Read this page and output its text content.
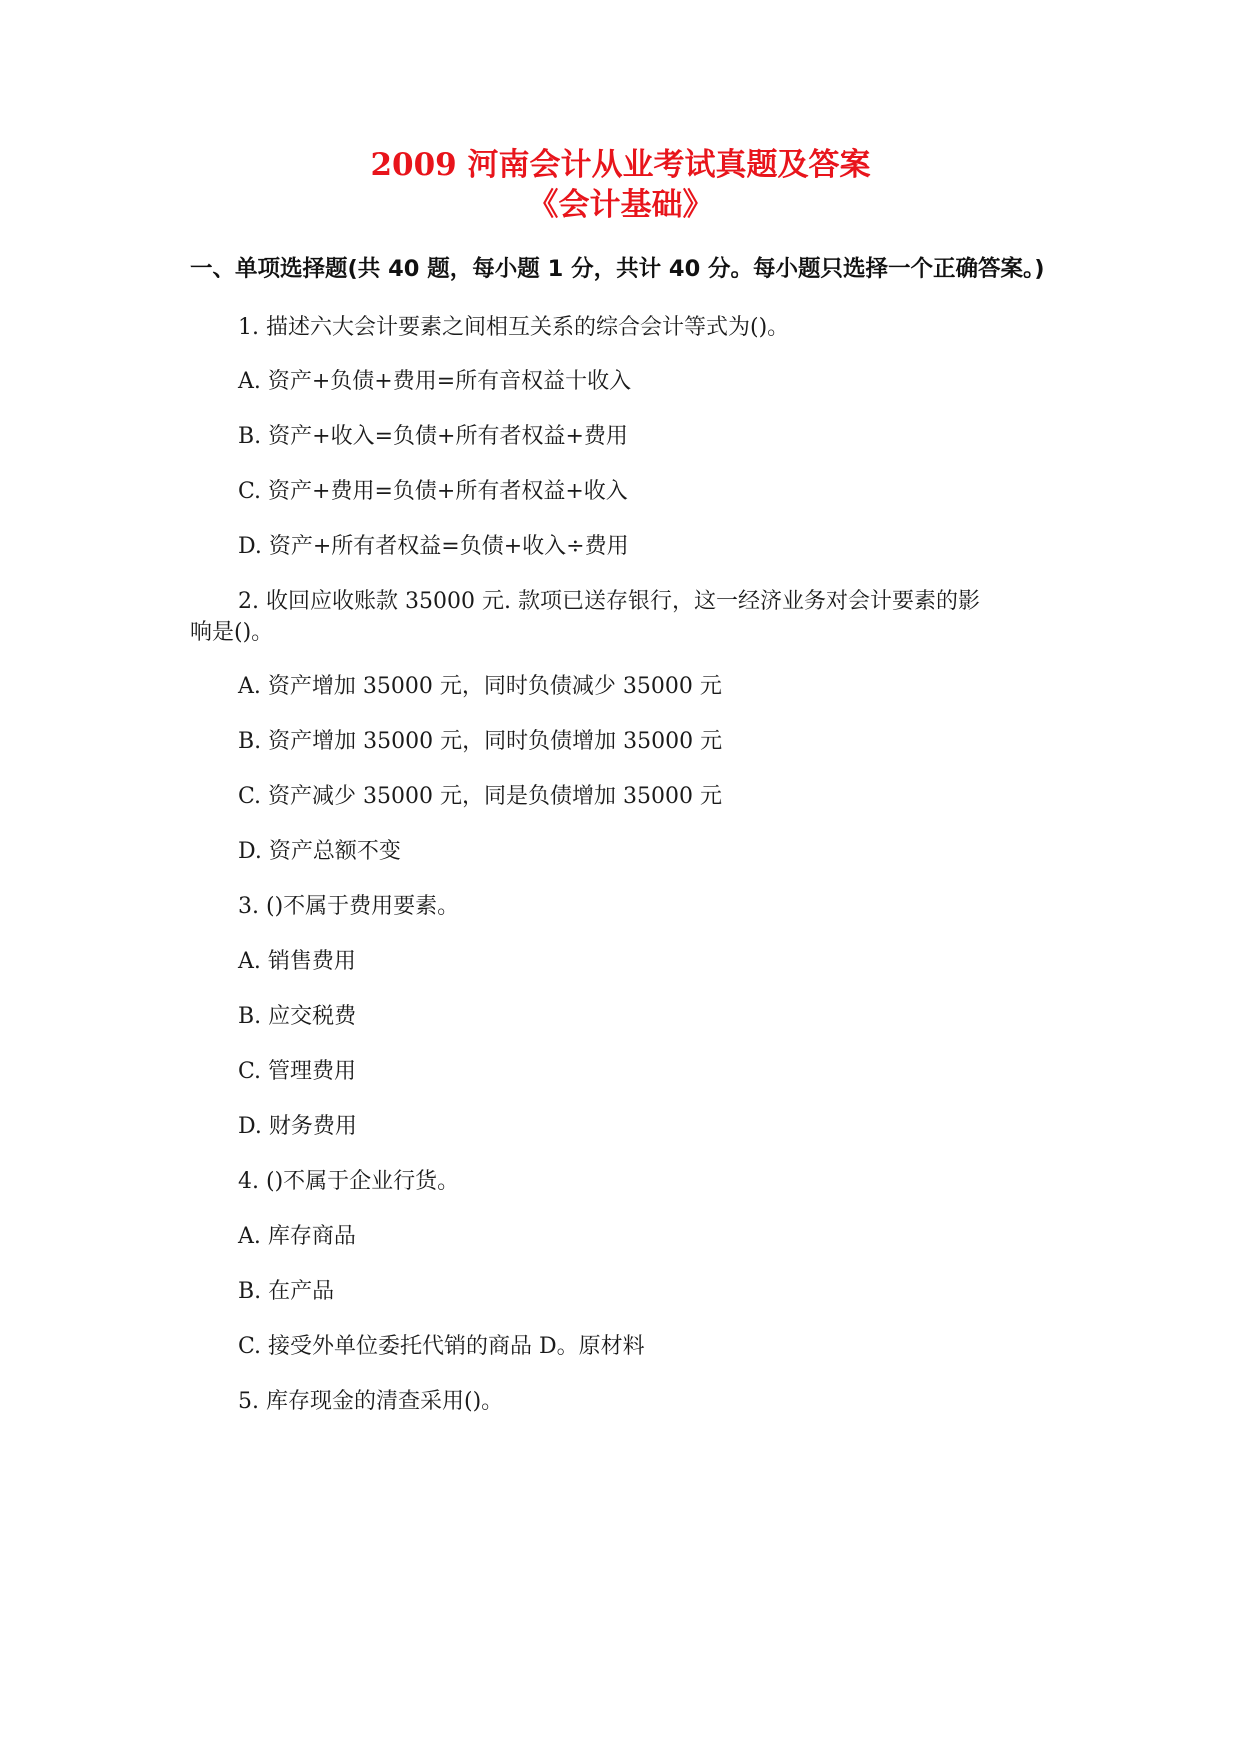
2009 河南会计从业考试真题及答案
《会计基础》
一、单项选择题(共 40 题，每小题 1 分，共计 40 分。每小题只选择一个正确答案。)
1. 描述六大会计要素之间相互关系的综合会计等式为()。
A. 资产+负债+费用=所有音权益十收入
B. 资产+收入=负债+所有者权益+费用
C. 资产+费用=负债+所有者权益+收入
D. 资产+所有者权益=负债+收入÷费用
2. 收回应收账款 35000 元. 款项已送存银行，这一经济业务对会计要素的影
响是()。
A. 资产增加 35000 元，同时负债减少 35000 元
B. 资产增加 35000 元，同时负债增加 35000 元
C. 资产减少 35000 元，同是负债增加 35000 元
D. 资产总额不变
3. ()不属于费用要素。
A. 销售费用
B. 应交税费
C. 管理费用
D. 财务费用
4. ()不属于企业行货。
A. 库存商品
B. 在产品
C. 接受外单位委托代销的商品 D。原材料
5. 库存现金的清查采用()。
